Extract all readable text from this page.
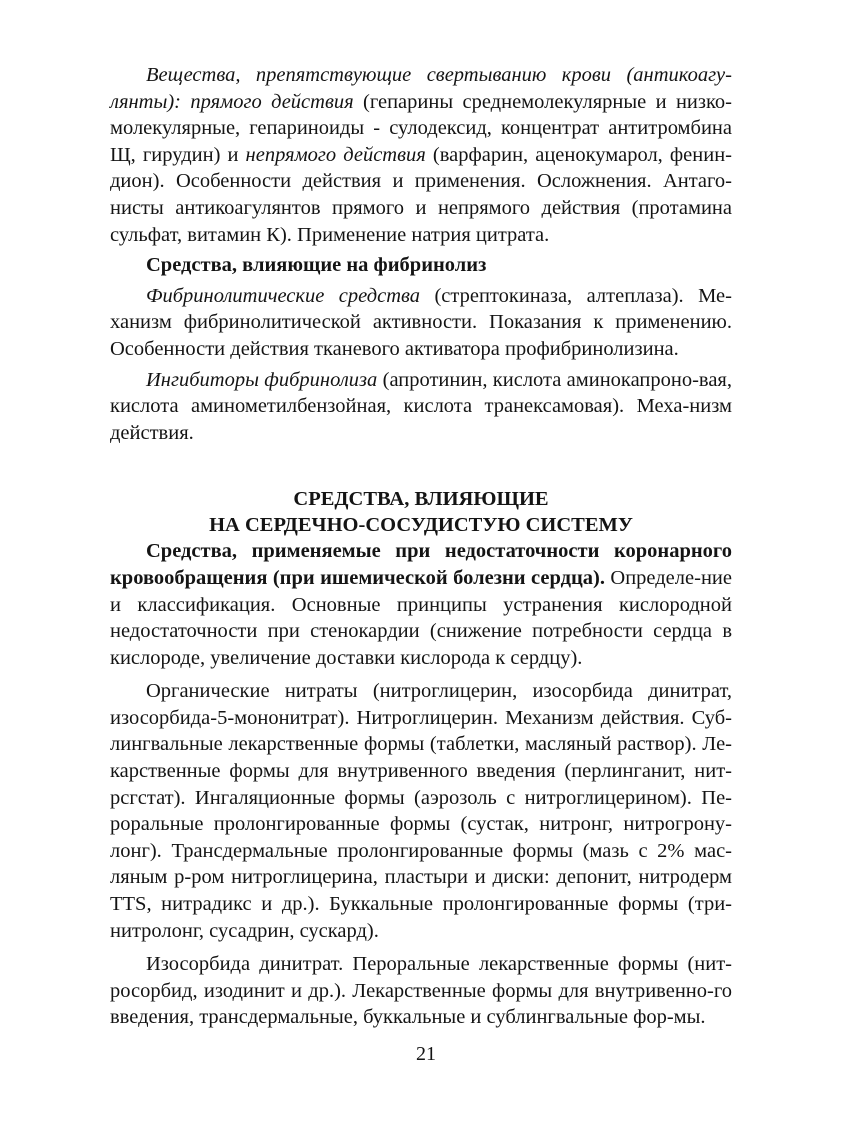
Вещества, препятствующие свертыванию крови (антикоагу-лянты): прямого действия (гепарины среднемолекулярные и низко-молекулярные, гепариноиды - сулодексид, концентрат антитромбина Щ, гирудин) и непрямого действия (варфарин, аценокумарол, фенин-дион). Особенности действия и применения. Осложнения. Антаго-нисты антикоагулянтов прямого и непрямого действия (протамина сульфат, витамин К). Применение натрия цитрата.

Средства, влияющие на фибринолиз

Фибринолитические средства (стрептокиназа, алтеплаза). Ме-ханизм фибринолитической активности. Показания к применению. Особенности действия тканевого активатора профибринолизина.

Ингибиторы фибринолиза (апротинин, кислота аминокапроно-вая, кислота аминометилбензойная, кислота транексамовая). Меха-низм действия.

СРЕДСТВА, ВЛИЯЮЩИЕ
НА СЕРДЕЧНО-СОСУДИСТУЮ СИСТЕМУ

Средства, применяемые при недостаточности коронарного кровообращения (при ишемической болезни сердца). Определе-ние и классификация. Основные принципы устранения кислородной недостаточности при стенокардии (снижение потребности сердца в кислороде, увеличение доставки кислорода к сердцу).

Органические нитраты (нитроглицерин, изосорбида динитрат, изосорбида-5-мононитрат). Нитроглицерин. Механизм действия. Суб-лингвальные лекарственные формы (таблетки, масляный раствор). Ле-карственные формы для внутривенного введения (перлинганит, нит-рсгстат). Ингаляционные формы (аэрозоль с нитроглицерином). Пе-роральные пролонгированные формы (сустак, нитронг, нитрогрону-лонг). Трансдермальные пролонгированные формы (мазь с 2% мас-ляным р-ром нитроглицерина, пластыри и диски: депонит, нитродерм TTS, нитрадикс и др.). Буккальные пролонгированные формы (три-нитролонг, сусадрин, сускард).

Изосорбида динитрат. Пероральные лекарственные формы (нит-росорбид, изодинит и др.). Лекарственные формы для внутривенно-го введения, трансдермальные, буккальные и сублингвальные фор-мы.

21
